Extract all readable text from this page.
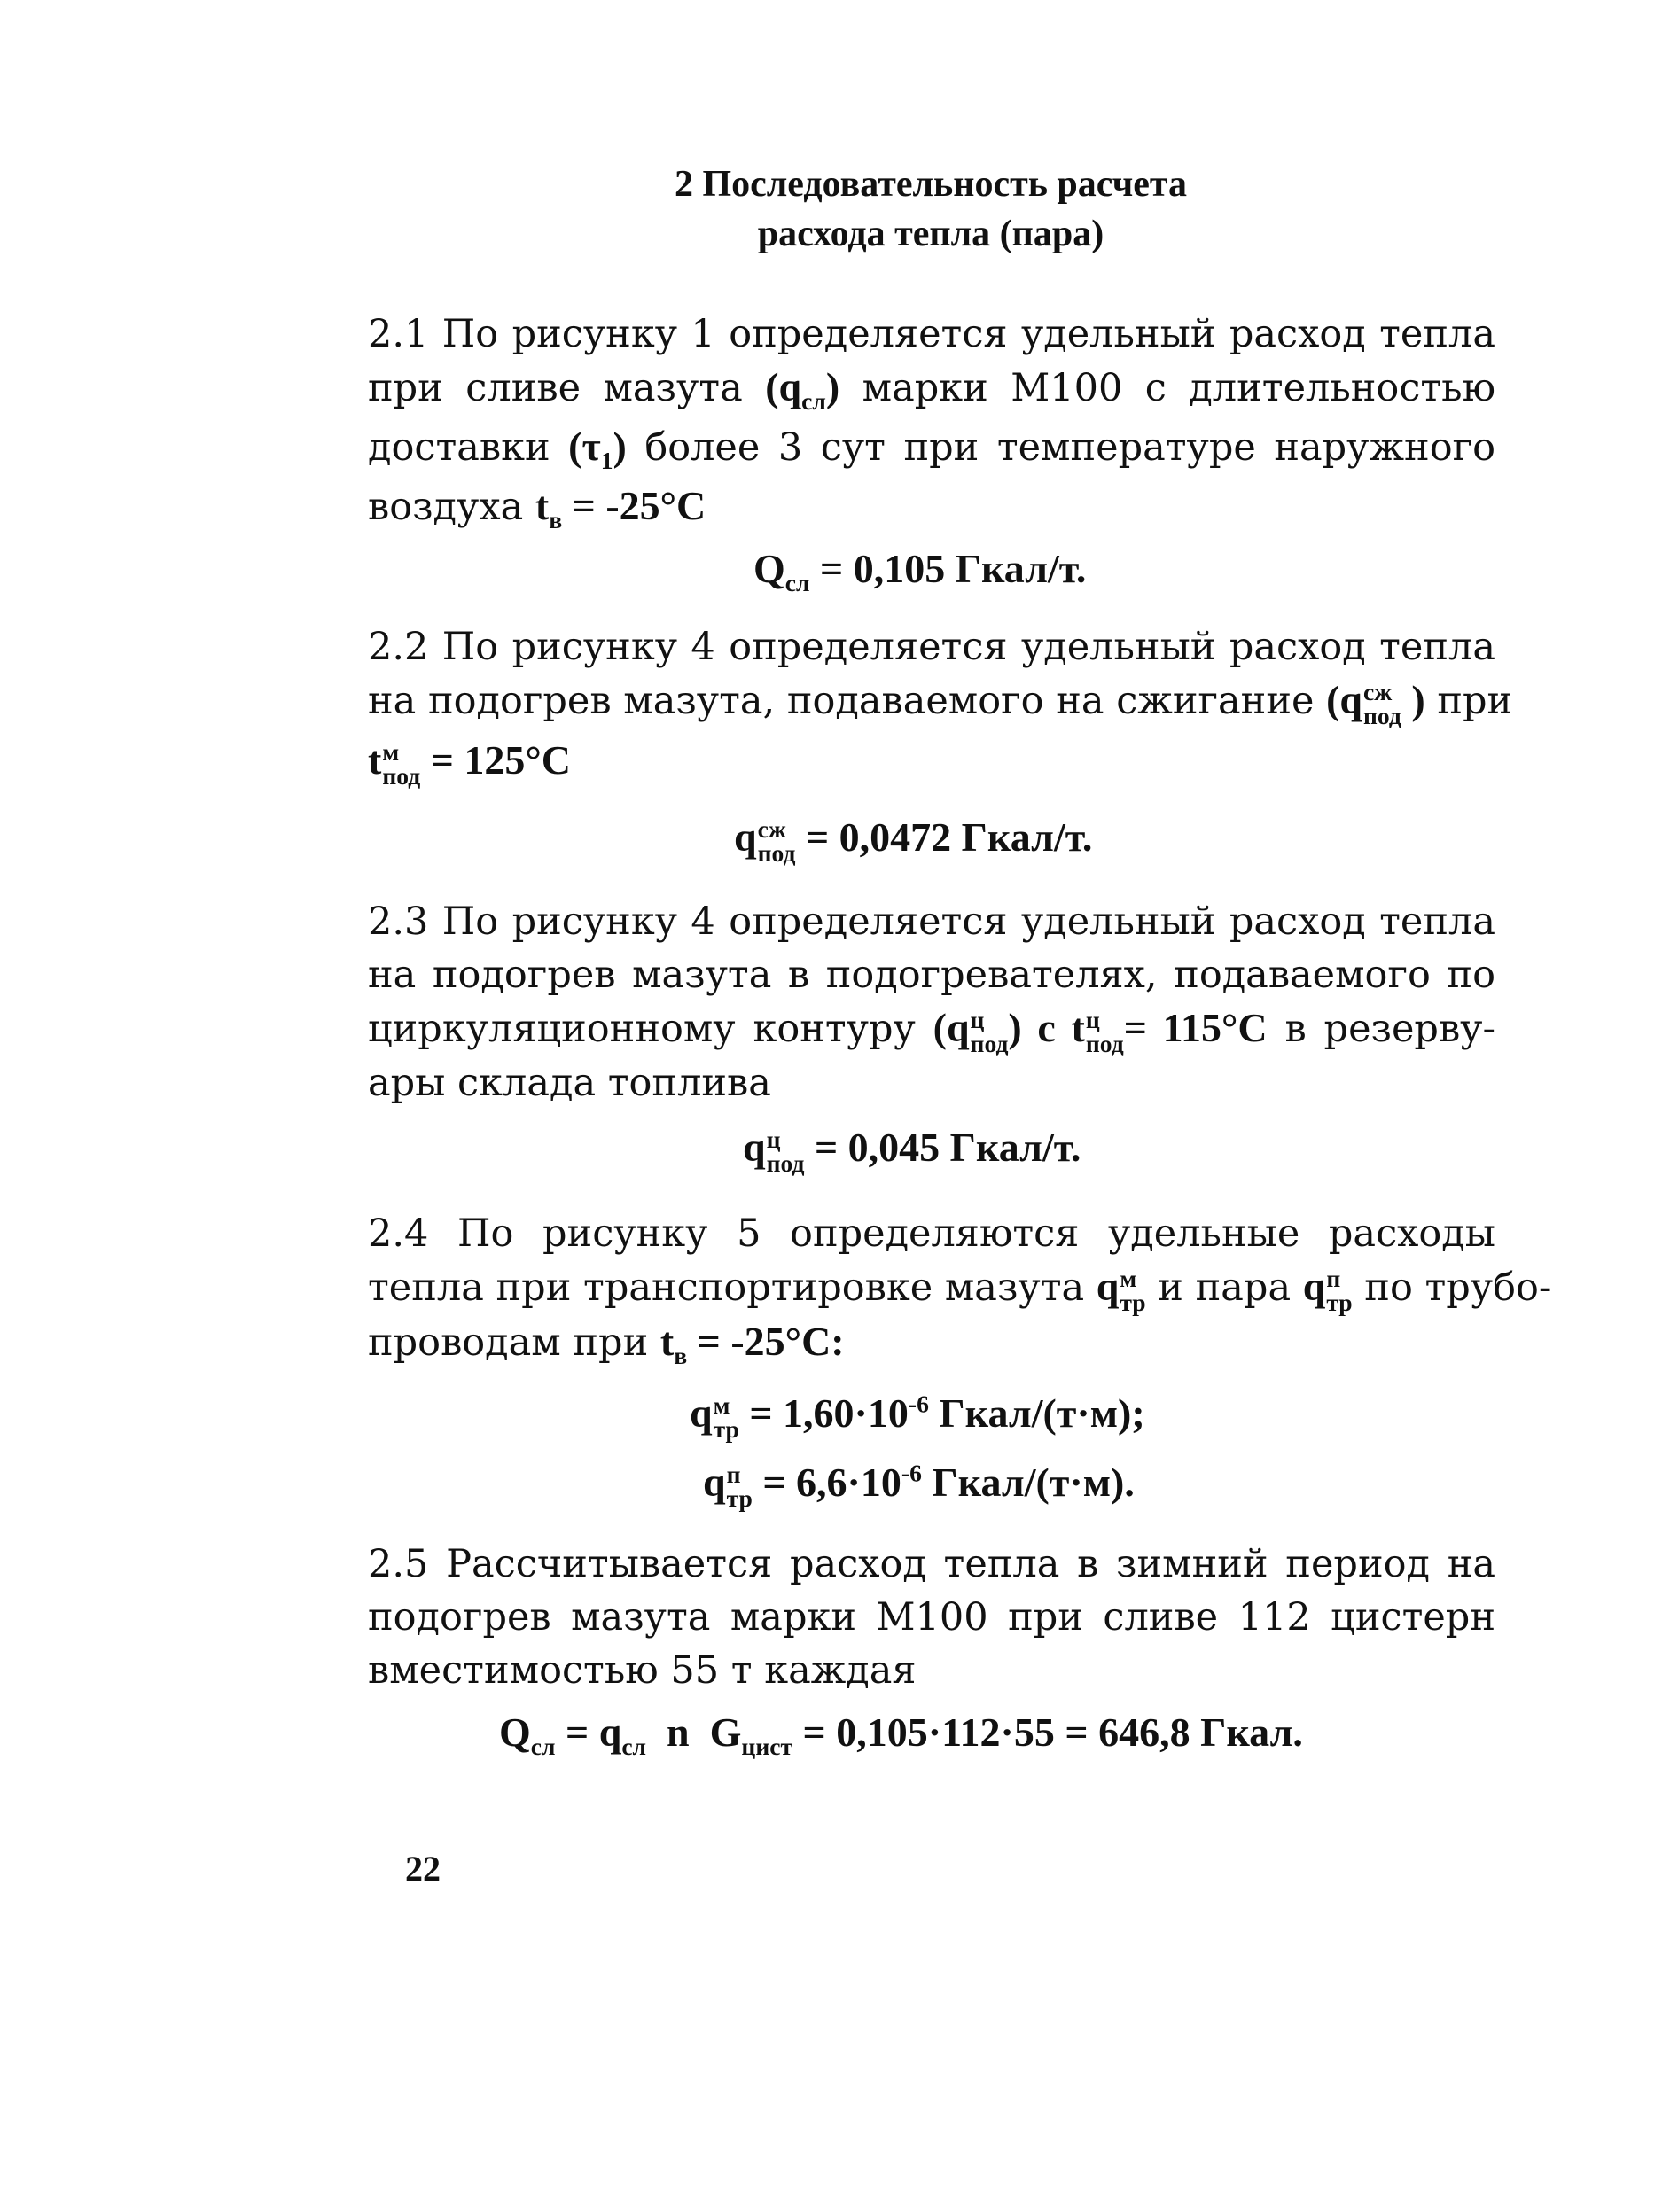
2 Последовательность расчета
расхода тепла (пара)
2.1 По рисунку 1 определяется удельный расход тепла
при сливе мазута $(q_{сл})$ марки М100 с длительностью
доставки $(\tau_1)$ более 3 сут при температуре наружного
воздуха $t_в = -25^\circ C$
$Q_{сл} = 0,105$ Гкал/т.
2.2 По рисунку 4 определяется удельный расход тепла
на подогрев мазута, подаваемого на сжигание (q сж
под ) при
t м
под = 125°C
q сж
под = 0,0472 Гкал/т.
2.3 По рисунку 4 определяется удельный расход тепла
на подогрев мазута в подогревателях, подаваемого по
циркуляционному контуру (q ц
под ) с t ц
под = 115°C в резерву-
ары склада топлива
q ц
под = 0,045 Гкал/т.
2.4 По рисунку 5 определяются удельные расходы
тепла при транспортировке мазута q м
тр и пара q п
тр по трубо-
проводам при $t_в = -25^\circ C$:
q м
тр = $1,60\cdot 10^{-6}$ Гкал/(т·м);
q п
тр = $6,6\cdot 10^{-6}$ Гкал/(т·м).
2.5 Рассчитывается расход тепла в зимний период на
подогрев мазута марки М100 при сливе 112 цистерн
вместимостью 55 т каждая
$Q_{сл} = q_{сл}$  n  $G_{цист} = 0,105\cdot 112\cdot 55 = 646,8$ Гкал.
22
